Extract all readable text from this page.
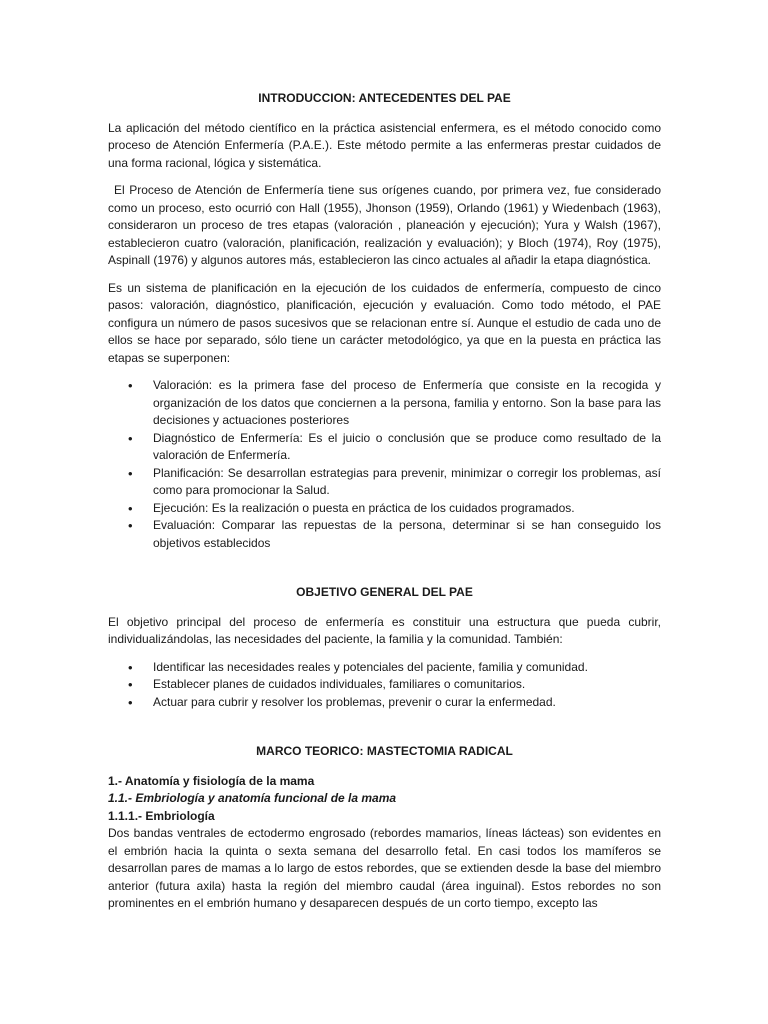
INTRODUCCION: ANTECEDENTES DEL PAE

La aplicación del método científico en la práctica asistencial enfermera, es el método conocido como proceso de Atención Enfermería (P.A.E.). Este método permite a las enfermeras prestar cuidados de una forma racional, lógica y sistemática.

El Proceso de Atención de Enfermería tiene sus orígenes cuando, por primera vez, fue considerado como un proceso, esto ocurrió con Hall (1955), Jhonson (1959), Orlando (1961) y Wiedenbach (1963), consideraron un proceso de tres etapas (valoración , planeación y ejecución); Yura y Walsh (1967), establecieron cuatro (valoración, planificación, realización y evaluación); y Bloch (1974), Roy (1975), Aspinall (1976) y algunos autores más, establecieron las cinco actuales al añadir la etapa diagnóstica.

Es un sistema de planificación en la ejecución de los cuidados de enfermería, compuesto de cinco pasos: valoración, diagnóstico, planificación, ejecución y evaluación. Como todo método, el PAE configura un número de pasos sucesivos que se relacionan entre sí. Aunque el estudio de cada uno de ellos se hace por separado, sólo tiene un carácter metodológico, ya que en la puesta en práctica las etapas se superponen:

• Valoración: es la primera fase del proceso de Enfermería que consiste en la recogida y organización de los datos que conciernen a la persona, familia y entorno. Son la base para las decisiones y actuaciones posteriores
• Diagnóstico de Enfermería: Es el juicio o conclusión que se produce como resultado de la valoración de Enfermería.
• Planificación: Se desarrollan estrategias para prevenir, minimizar o corregir los problemas, así como para promocionar la Salud.
• Ejecución: Es la realización o puesta en práctica de los cuidados programados.
• Evaluación: Comparar las repuestas de la persona, determinar si se han conseguido los objetivos establecidos
OBJETIVO GENERAL DEL PAE

El objetivo principal del proceso de enfermería es constituir una estructura que pueda cubrir, individualizándolas, las necesidades del paciente, la familia y la comunidad. También:

• Identificar las necesidades reales y potenciales del paciente, familia y comunidad.
• Establecer planes de cuidados individuales, familiares o comunitarios.
• Actuar para cubrir y resolver los problemas, prevenir o curar la enfermedad.
MARCO TEORICO: MASTECTOMIA RADICAL
1.- Anatomía y fisiología de la mama
1.1.- Embriología y anatomía funcional de la mama
1.1.1.- Embriología

Dos bandas ventrales de ectodermo engrosado (rebordes mamarios, líneas lácteas) son evidentes en el embrión hacia la quinta o sexta semana del desarrollo fetal. En casi todos los mamíferos se desarrollan pares de mamas a lo largo de estos rebordes, que se extienden desde la base del miembro anterior (futura axila) hasta la región del miembro caudal (área inguinal). Estos rebordes no son prominentes en el embrión humano y desaparecen después de un corto tiempo, excepto las
